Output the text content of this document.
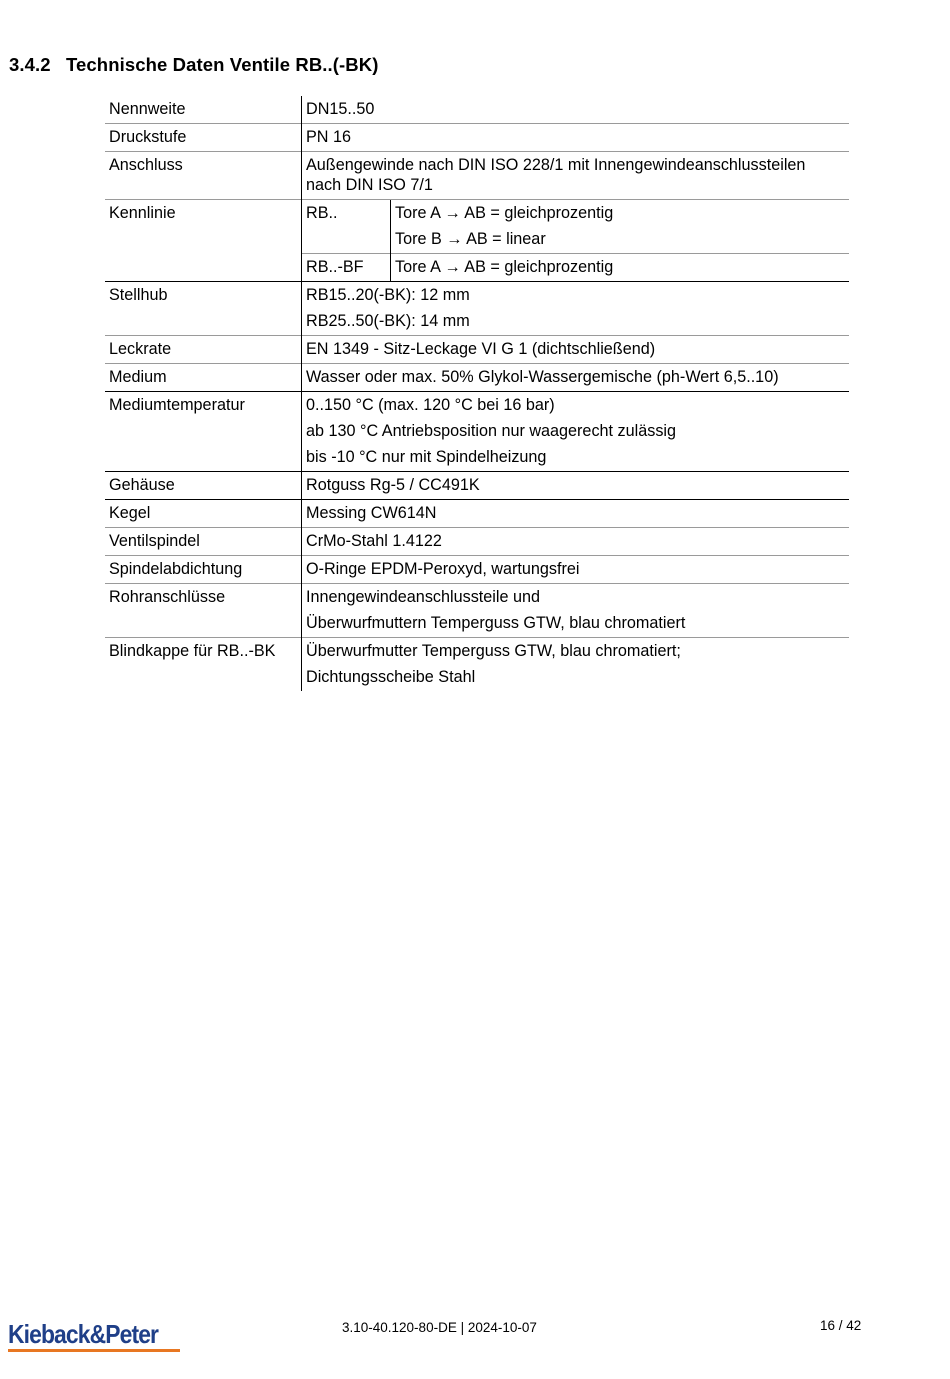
3.4.2 Technische Daten Ventile RB..(-BK)
Nennweite	DN15..50	
Druckstufe	PN 16	
Anschluss	Außengewinde nach DIN ISO 228/1 mit Innengewindeanschlussteilen
nach DIN ISO 7/1	

Kennlinie	RB..	Tore A → AB = gleichprozentig
Tore B → AB = linear

	RB..-BF	Tore A → AB = gleichprozentig
Stellhub	RB15..20(-BK): 12 mm
RB25..50(-BK): 14 mm	

Leckrate	EN 1349 - Sitz-Leckage VI G 1 (dichtschließend)	
Medium	Wasser oder max. 50% Glykol-Wassergemische (ph-Wert 6,5..10)	
Mediumtemperatur	0..150 °C (max. 120 °C bei 16 bar)
ab 130 °C Antriebsposition nur waagerecht zulässig
bis -10 °C nur mit Spindelheizung	

Gehäuse	Rotguss Rg-5 / CC491K	
Kegel	Messing CW614N	
Ventilspindel	CrMo-Stahl 1.4122	
Spindelabdichtung	O-Ringe EPDM-Peroxyd, wartungsfrei	
Rohranschlüsse	Innengewindeanschlussteile und
Überwurfmuttern Temperguss GTW, blau chromatiert	

Blindkappe für RB..-BK	Überwurfmutter Temperguss GTW, blau chromatiert;
Dichtungsscheibe Stahl	
Kieback&Peter	3.10-40.120-80-DE | 2024-10-07	16 / 42
